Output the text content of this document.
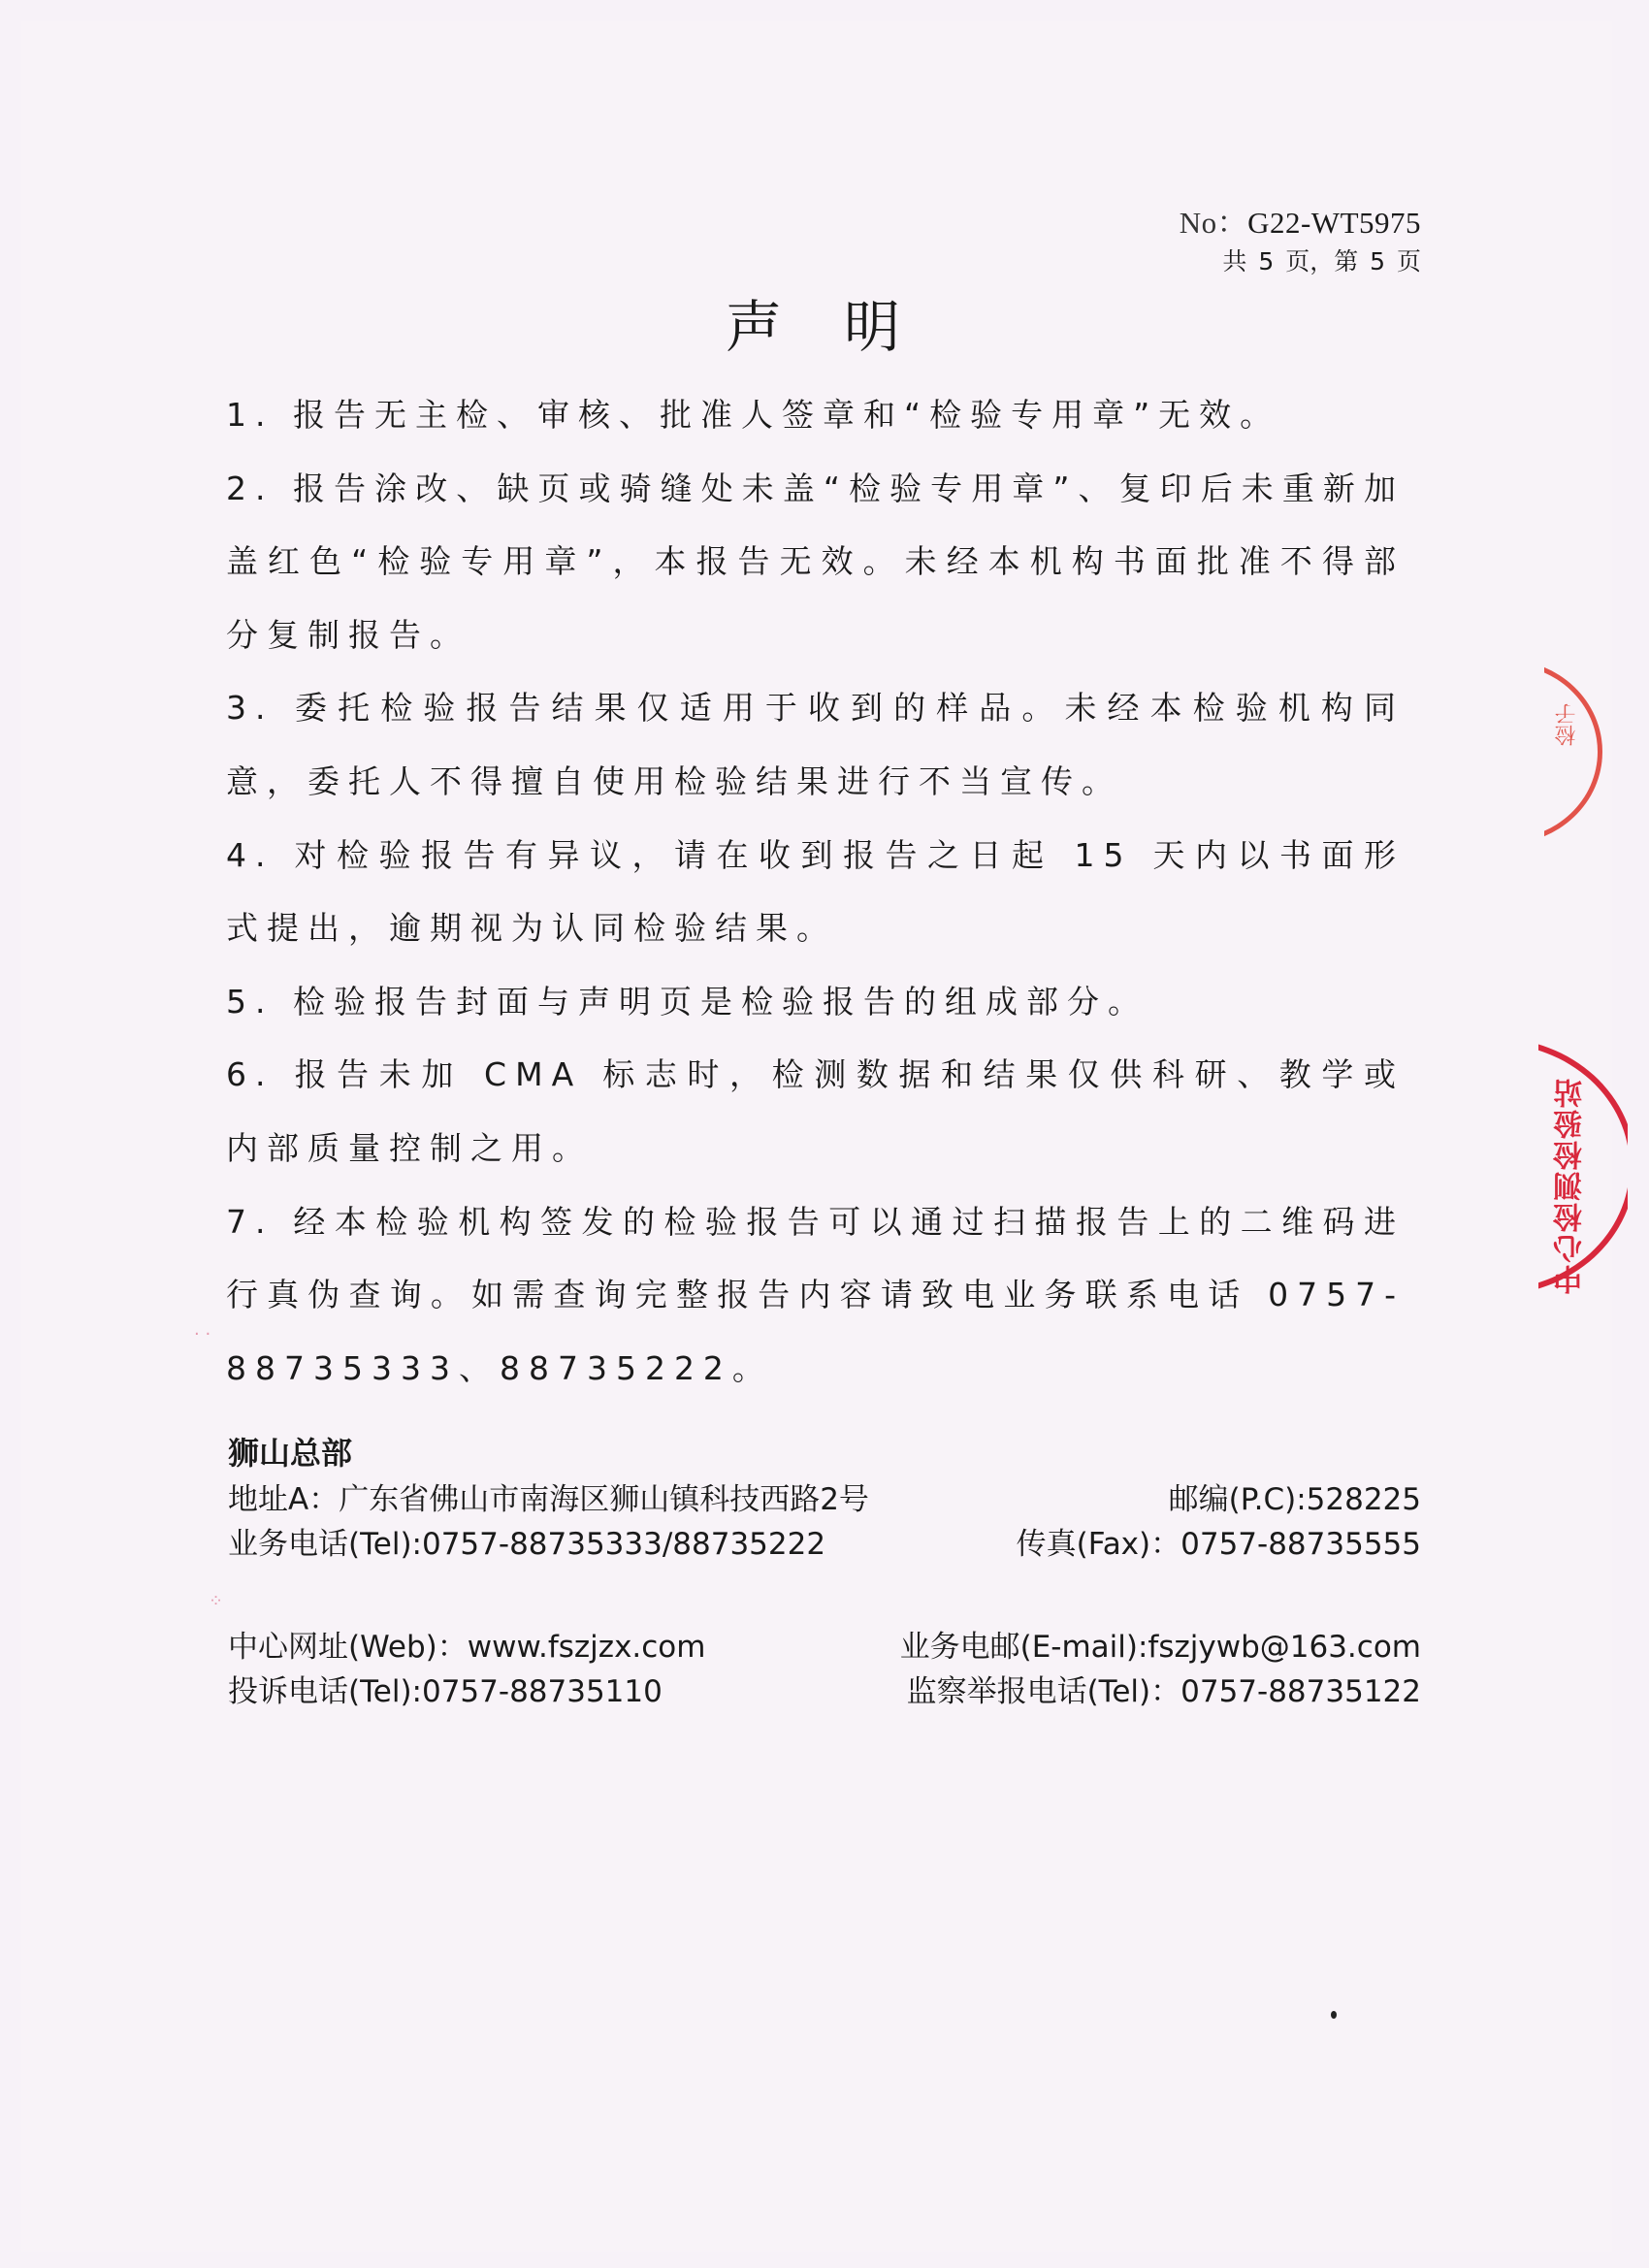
No：G22-WT5975
共 5 页，第 5 页
声明

1. 报告无主检、审核、批准人签章和“检验专用章”无效。

2. 报告涂改、缺页或骑缝处未盖“检验专用章”、复印后未重新加盖红色“检验专用章”，本报告无效。未经本机构书面批准不得部分复制报告。

3. 委托检验报告结果仅适用于收到的样品。未经本检验机构同意，委托人不得擅自使用检验结果进行不当宣传。

4. 对检验报告有异议，请在收到报告之日起 15 天内以书面形式提出，逾期视为认同检验结果。

5. 检验报告封面与声明页是检验报告的组成部分。

6. 报告未加 CMA 标志时，检测数据和结果仅供科研、教学或内部质量控制之用。

7. 经本检验机构签发的检验报告可以通过扫描报告上的二维码进行真伪查询。如需查询完整报告内容请致电业务联系电话 0757-88735333、88735222。

狮山总部
地址A：广东省佛山市南海区狮山镇科技西路2号	邮编(P.C):528225
业务电话(Tel):0757-88735333/88735222	传真(Fax)：0757-88735555
中心网址(Web)：www.fszjzx.com	业务电邮(E-mail):fszjywb@163.com
投诉电话(Tel):0757-88735110	监察举报电话(Tel)：0757-88735122
检子
中心检测检验站
· ·
⁘
